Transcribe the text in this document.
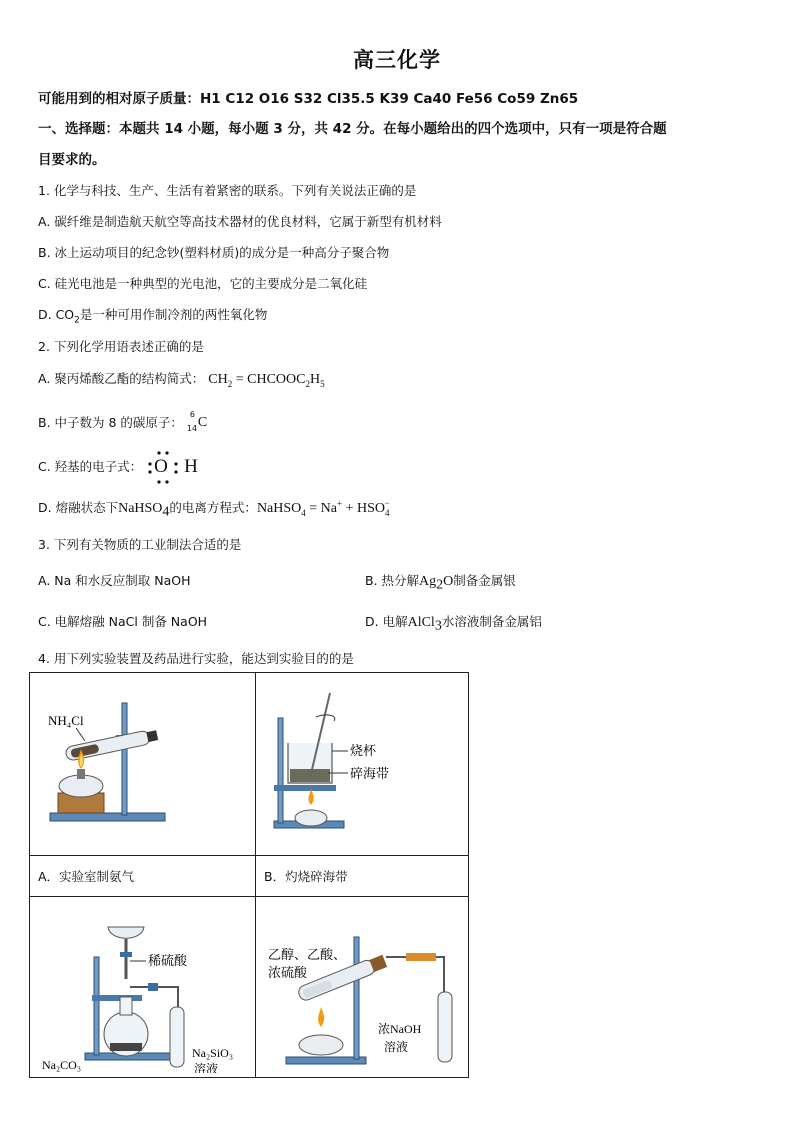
高三化学
可能用到的相对原子质量：H1 C12 O16 S32 Cl35.5 K39 Ca40 Fe56 Co59 Zn65
一、选择题：本题共 14 小题，每小题 3 分，共 42 分。在每小题给出的四个选项中，只有一项是符合题
目要求的。
1. 化学与科技、生产、生活有着紧密的联系。下列有关说法正确的是
A. 碳纤维是制造航天航空等高技术器材的优良材料，它属于新型有机材料
B. 冰上运动项目的纪念钞(塑料材质)的成分是一种高分子聚合物
C. 硅光电池是一种典型的光电池，它的主要成分是二氧化硅
D. $CO_2$是一种可用作制冷剂的两性氧化物
2. 下列化学用语表述正确的是
A. 聚丙烯酸乙酯的结构简式： $CH_2$ = $CHCOOC_2H_5$
B. 中子数为 8 的碳原子：
6
14 C
C. 羟基的电子式： O H
D. 熔融状态下NaHSO$_4$的电离方程式：NaHSO$_4$ = $Na^+ + HSO_4^-$
3. 下列有关物质的工业制法合适的是
A. Na 和水反应制取 NaOH	B. 热分解$Ag_2O$制备金属银
C. 电解熔融 NaCl 制备 NaOH	D. 电解AlCl$_3$水溶液制备金属铝
4. 用下列实验装置及药品进行实验，能达到实验目的的是
NH₄Cl	烧杯
碎海带

A．实验室制氨气	B．灼烧碎海带

稀硫酸
Na₂CO₃
Na₂SiO₃
溶液	乙醇、乙酸、
浓硫酸
浓NaOH
溶液
